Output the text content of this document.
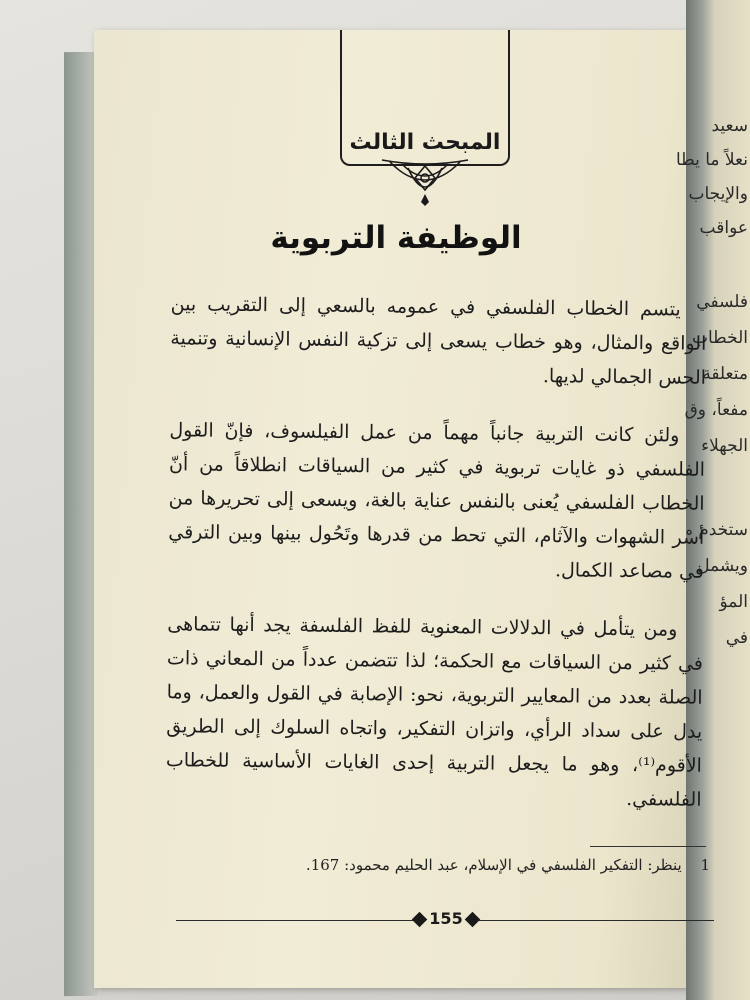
سعيد
نعلاً ما يطا
والإيجاب
عواقب
فلسفي
الخطاب
متعلقة
مفعاً، وق
الجهلاء
ستخدم
ويشمل
المؤ
في
المبحث الثالث
الوظيفة التربوية

يتسم الخطاب الفلسفي في عمومه بالسعي إلى التقريب بين الواقع والمثال، وهو خطاب يسعى إلى تزكية النفس الإنسانية وتنمية الحس الجمالي لديها.

ولئن كانت التربية جانباً مهماً من عمل الفيلسوف، فإنّ القول الفلسفي ذو غايات تربوية في كثير من السياقات انطلاقاً من أنّ الخطاب الفلسفي يُعنى بالنفس عناية بالغة، ويسعى إلى تحريرها من أسْر الشهوات والآثام، التي تحط من قدرها وتَحُول بينها وبين الترقي في مصاعد الكمال.

ومن يتأمل في الدلالات المعنوية للفظ الفلسفة يجد أنها تتماهى في كثير من السياقات مع الحكمة؛ لذا تتضمن عدداً من المعاني ذات الصلة بعدد من المعايير التربوية، نحو: الإصابة في القول والعمل، وما يدل على سداد الرأي، واتزان التفكير، واتجاه السلوك إلى الطريق الأقوم⁽¹⁾، وهو ما يجعل التربية إحدى الغايات الأساسية للخطاب الفلسفي.

1 ينظر: التفكير الفلسفي في الإسلام، عبد الحليم محمود: 167.
155
